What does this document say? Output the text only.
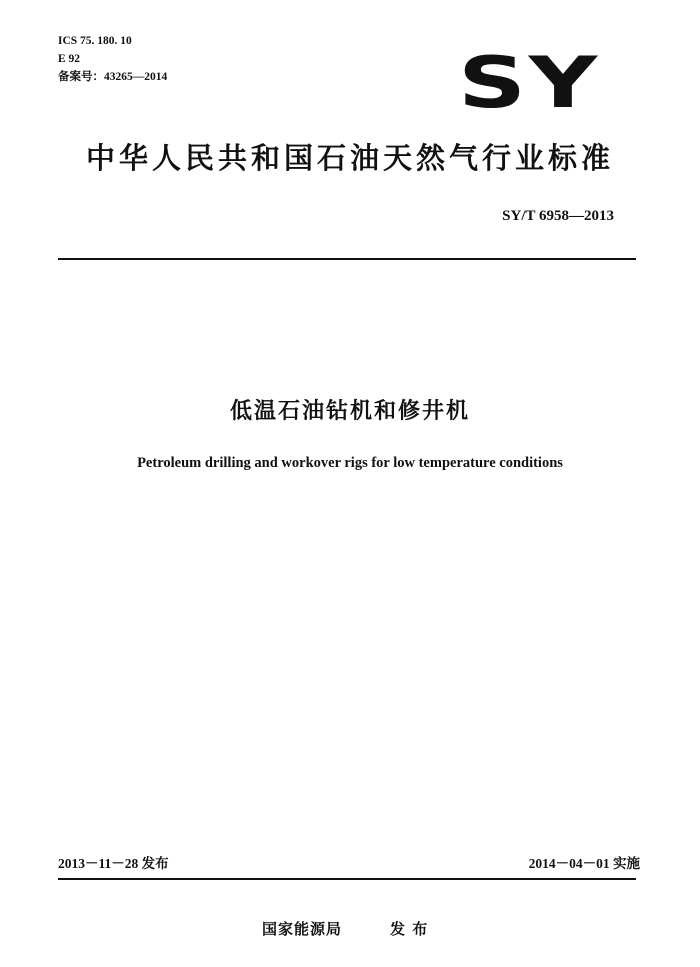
ICS 75. 180. 10
E 92
备案号：43265—2014	SY
中华人民共和国石油天然气行业标准
SY/T 6958—2013
低温石油钻机和修井机
Petroleum drilling and workover rigs for low temperature conditions
2013－11－28 发布	2014－04－01 实施
国家能源局	发 布
